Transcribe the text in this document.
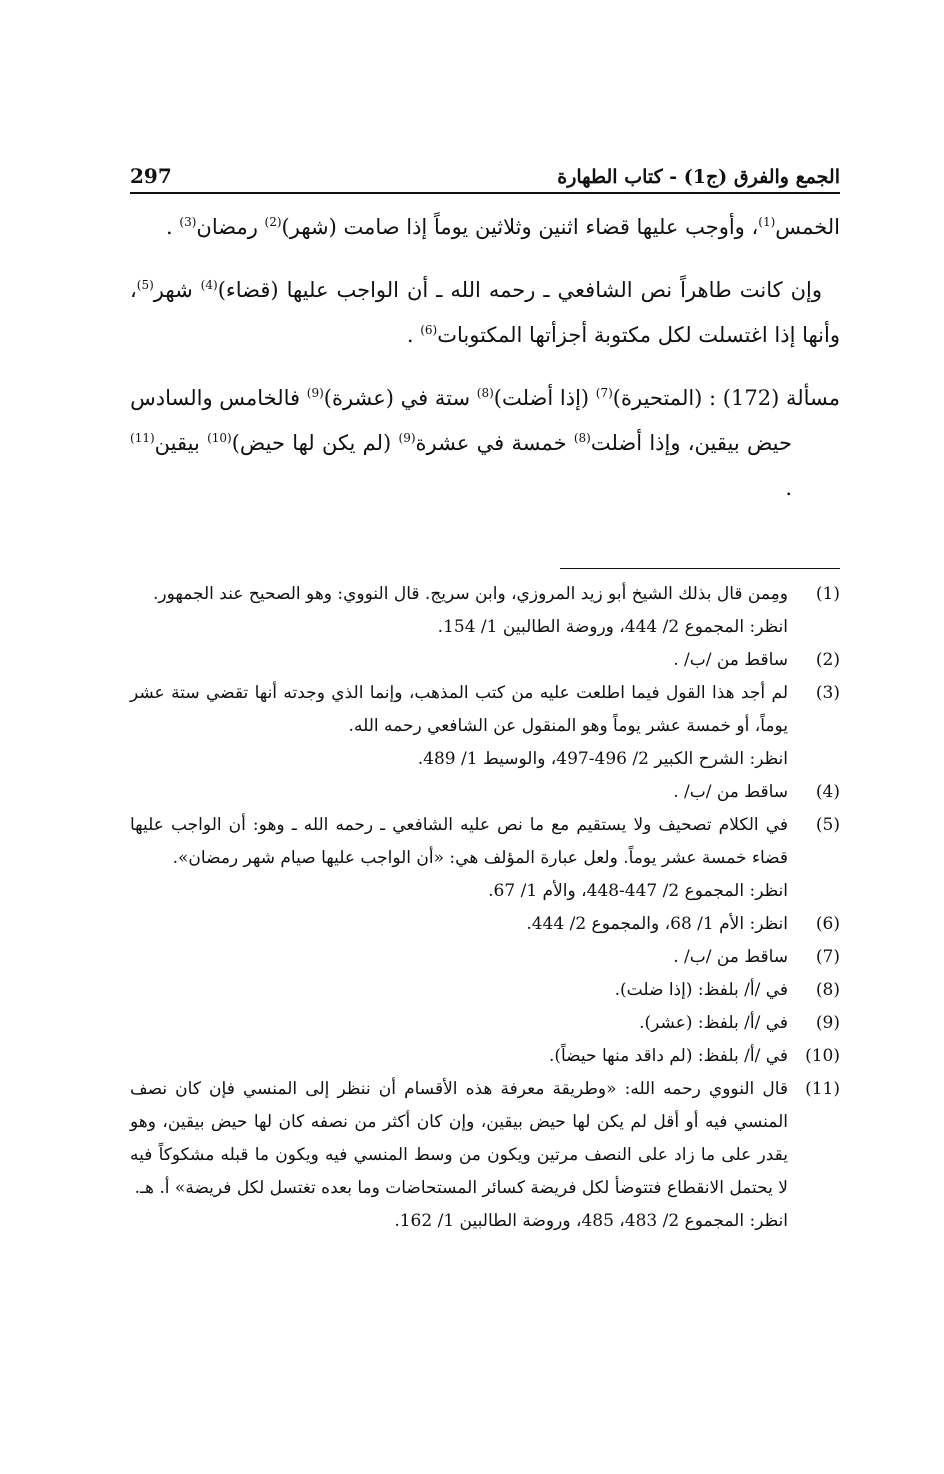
297	الجمع والفرق (ج1) - كتاب الطهارة

الخمس$^{(1)}$، وأوجب عليها قضاء اثنين وثلاثين يوماً إذا صامت (شهر)$^{(2)}$ رمضان$^{(3)}$ .

وإن كانت طاهراً نص الشافعي ـ رحمه الله ـ أن الواجب عليها (قضاء)$^{(4)}$ شهر$^{(5)}$، وأنها إذا اغتسلت لكل مكتوبة أجزأتها المكتوبات$^{(6)}$ .

مسألة (172) : (المتحيرة)$^{(7)}$ (إذا أضلت)$^{(8)}$ ستة في (عشرة)$^{(9)}$ فالخامس والسادس
حيض بيقين، وإذا أضلت$^{(8)}$ خمسة في عشرة$^{(9)}$ (لم يكن لها حيض)$^{(10)}$ بيقين$^{(11)}$ .

(1)
ومِمن قال بذلك الشيخ أبو زيد المروزي، وابن سريج. قال النووي: وهو الصحيح عند الجمهور.
انظر: المجموع 2/ 444، وروضة الطالبين 1/ 154.
(2)
ساقط من /ب/ .
(3)
لم أجد هذا القول فيما اطلعت عليه من كتب المذهب، وإنما الذي وجدته أنها تقضي ستة عشر يوماً، أو خمسة عشر يوماً وهو المنقول عن الشافعي رحمه الله.
انظر: الشرح الكبير 2/ 496-497، والوسيط 1/ 489.
(4)
ساقط من /ب/ .
(5)
في الكلام تصحيف ولا يستقيم مع ما نص عليه الشافعي ـ رحمه الله ـ وهو: أن الواجب عليها قضاء خمسة عشر يوماً. ولعل عبارة المؤلف هي: «أن الواجب عليها صيام شهر رمضان».
انظر: المجموع 2/ 447-448، والأم 1/ 67.
(6)
انظر: الأم 1/ 68، والمجموع 2/ 444.
(7)
ساقط من /ب/ .
(8)
في /أ/ بلفظ: (إذا ضلت).
(9)
في /أ/ بلفظ: (عشر).
(10)
في /أ/ بلفظ: (لم داقد منها حيضاً).
(11)
قال النووي رحمه الله: «وطريقة معرفة هذه الأقسام أن ننظر إلى المنسي فإن كان نصف المنسي فيه أو أقل لم يكن لها حيض بيقين، وإن كان أكثر من نصفه كان لها حيض بيقين، وهو يقدر على ما زاد على النصف مرتين ويكون من وسط المنسي فيه ويكون ما قبله مشكوكاً فيه لا يحتمل الانقطاع فتتوضأ لكل فريضة كسائر المستحاضات وما بعده تغتسل لكل فريضة» أ. هـ.
انظر: المجموع 2/ 483، 485، وروضة الطالبين 1/ 162.
